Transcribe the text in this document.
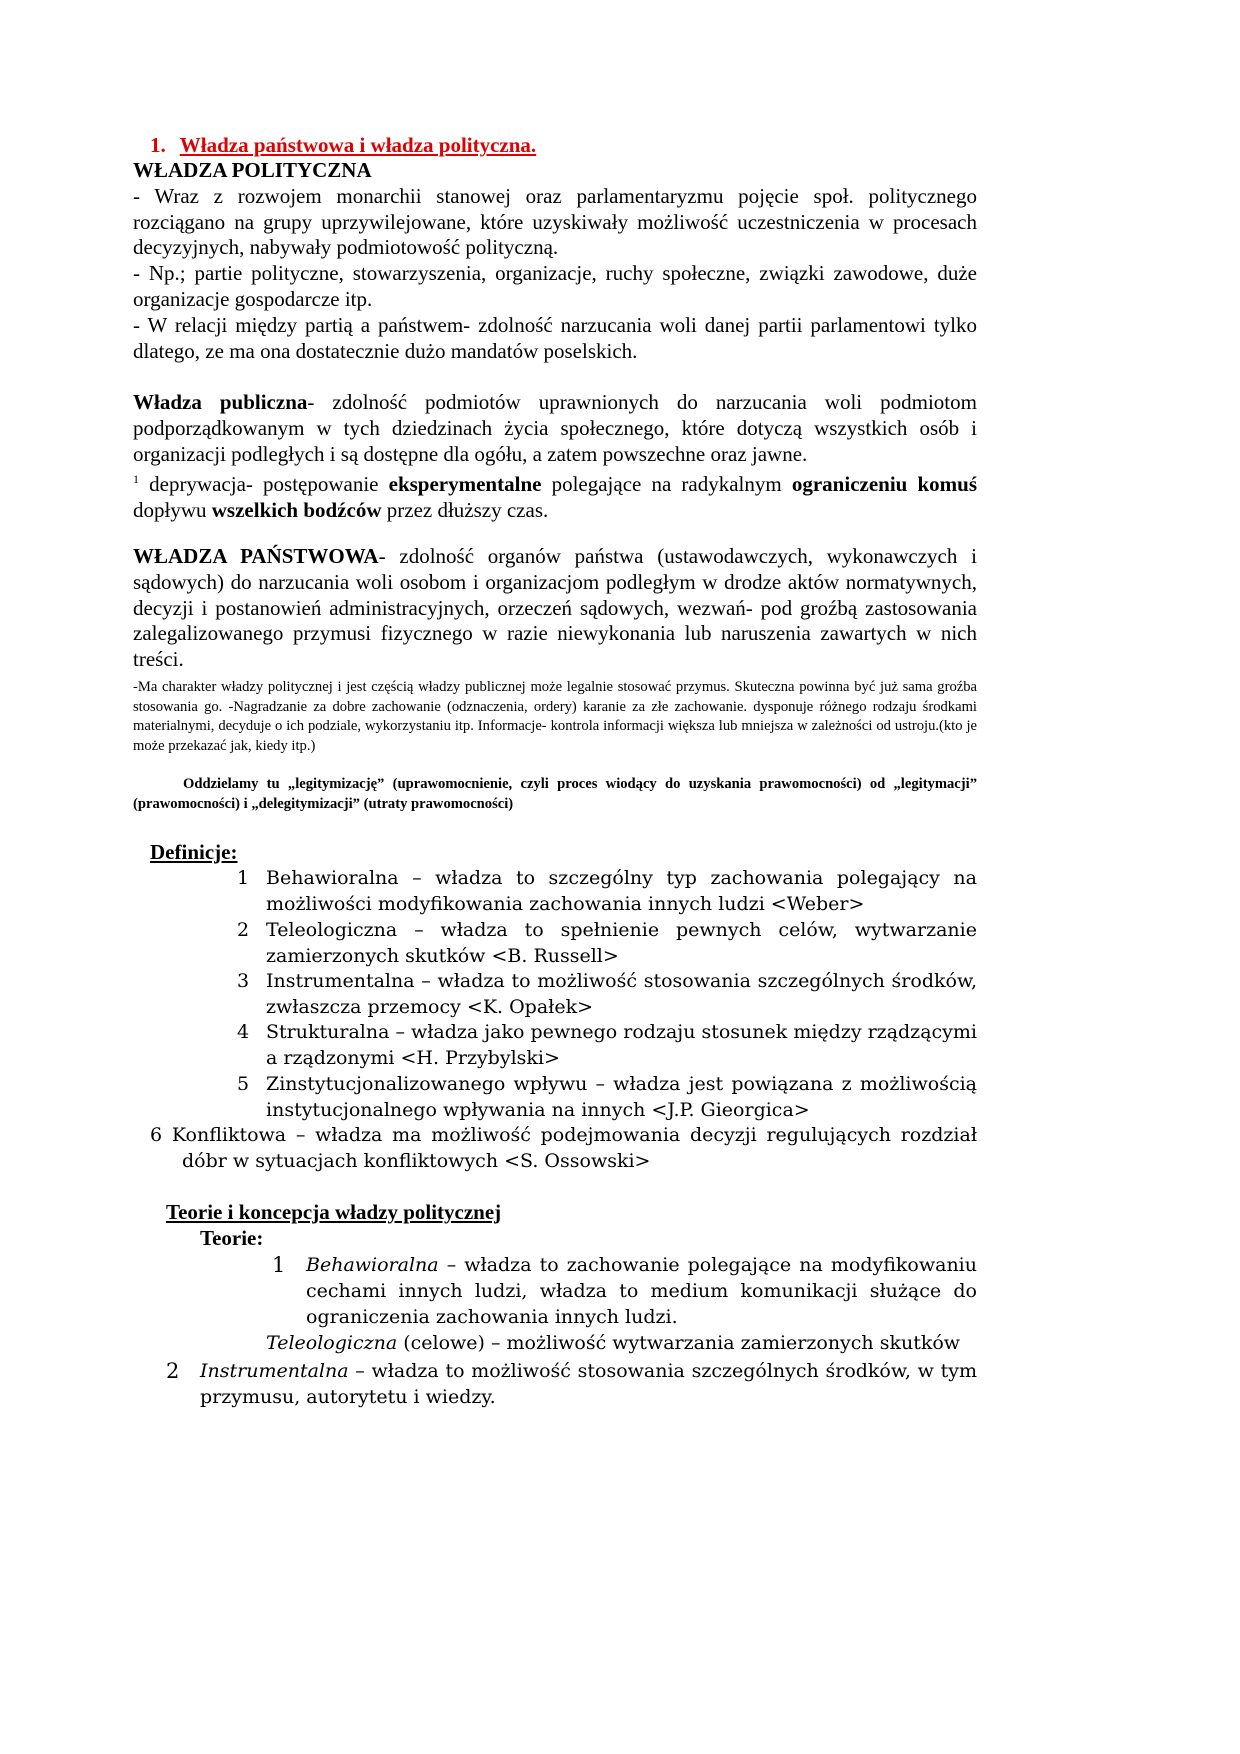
1. Władza państwowa i władza polityczna.

WŁADZA POLITYCZNA

- Wraz z rozwojem monarchii stanowej oraz parlamentaryzmu pojęcie społ. politycznego rozciągano na grupy uprzywilejowane, które uzyskiwały możliwość uczestniczenia w procesach decyzyjnych, nabywały podmiotowość polityczną.

- Np.; partie polityczne, stowarzyszenia, organizacje, ruchy społeczne, związki zawodowe, duże organizacje gospodarcze itp.

- W relacji między partią a państwem- zdolność narzucania woli danej partii parlamentowi tylko dlatego, ze ma ona dostatecznie dużo mandatów poselskich.

Władza publiczna- zdolność podmiotów uprawnionych do narzucania woli podmiotom podporządkowanym w tych dziedzinach życia społecznego, które dotyczą wszystkich osób i organizacji podległych i są dostępne dla ogółu, a zatem powszechne oraz jawne.

$^1$ deprywacja- postępowanie eksperymentalne polegające na radykalnym ograniczeniu komuś dopływu wszelkich bodźców przez dłuższy czas.

WŁADZA PAŃSTWOWA- zdolność organów państwa (ustawodawczych, wykonawczych i sądowych) do narzucania woli osobom i organizacjom podległym w drodze aktów normatywnych, decyzji i postanowień administracyjnych, orzeczeń sądowych, wezwań- pod groźbą zastosowania zalegalizowanego przymusi fizycznego w razie niewykonania lub naruszenia zawartych w nich treści.

-Ma charakter władzy politycznej i jest częścią władzy publicznej może legalnie stosować przymus. Skuteczna powinna być już sama groźba stosowania go. -Nagradzanie za dobre zachowanie (odznaczenia, ordery) karanie za złe zachowanie. dysponuje różnego rodzaju środkami materialnymi, decyduje o ich podziale, wykorzystaniu itp. Informacje- kontrola informacji większa lub mniejsza w zależności od ustroju.(kto je może przekazać jak, kiedy itp.)
Oddzielamy tu „legitymizację” (uprawomocnienie, czyli proces wiodący do uzyskania prawomocności) od „legitymacji” (prawomocności) i „delegitymizacji” (utraty prawomocności)
Definicje:
1 Behawioralna – władza to szczególny typ zachowania polegający na możliwości modyfikowania zachowania innych ludzi <Weber>
2 Teleologiczna – władza to spełnienie pewnych celów, wytwarzanie zamierzonych skutków <B. Russell>
3 Instrumentalna – władza to możliwość stosowania szczególnych środków, zwłaszcza przemocy <K. Opałek>
4 Strukturalna – władza jako pewnego rodzaju stosunek między rządzącymi a rządzonymi <H. Przybylski>
5 Zinstytucjonalizowanego wpływu – władza jest powiązana z możliwością instytucjonalnego wpływania na innych <J.P. Gieorgica>
6 Konfliktowa – władza ma możliwość podejmowania decyzji regulujących rozdział dóbr w sytuacjach konfliktowych <S. Ossowski>
Teorie i koncepcja władzy politycznej
Teorie:
1	Behawioralna – władza to zachowanie polegające na modyfikowaniu cechami innych ludzi, władza to medium komunikacji służące do ograniczenia zachowania innych ludzi.
Teleologiczna (celowe) – możliwość wytwarzania zamierzonych skutków
2	Instrumentalna – władza to możliwość stosowania szczególnych środków, w tym przymusu, autorytetu i wiedzy.
